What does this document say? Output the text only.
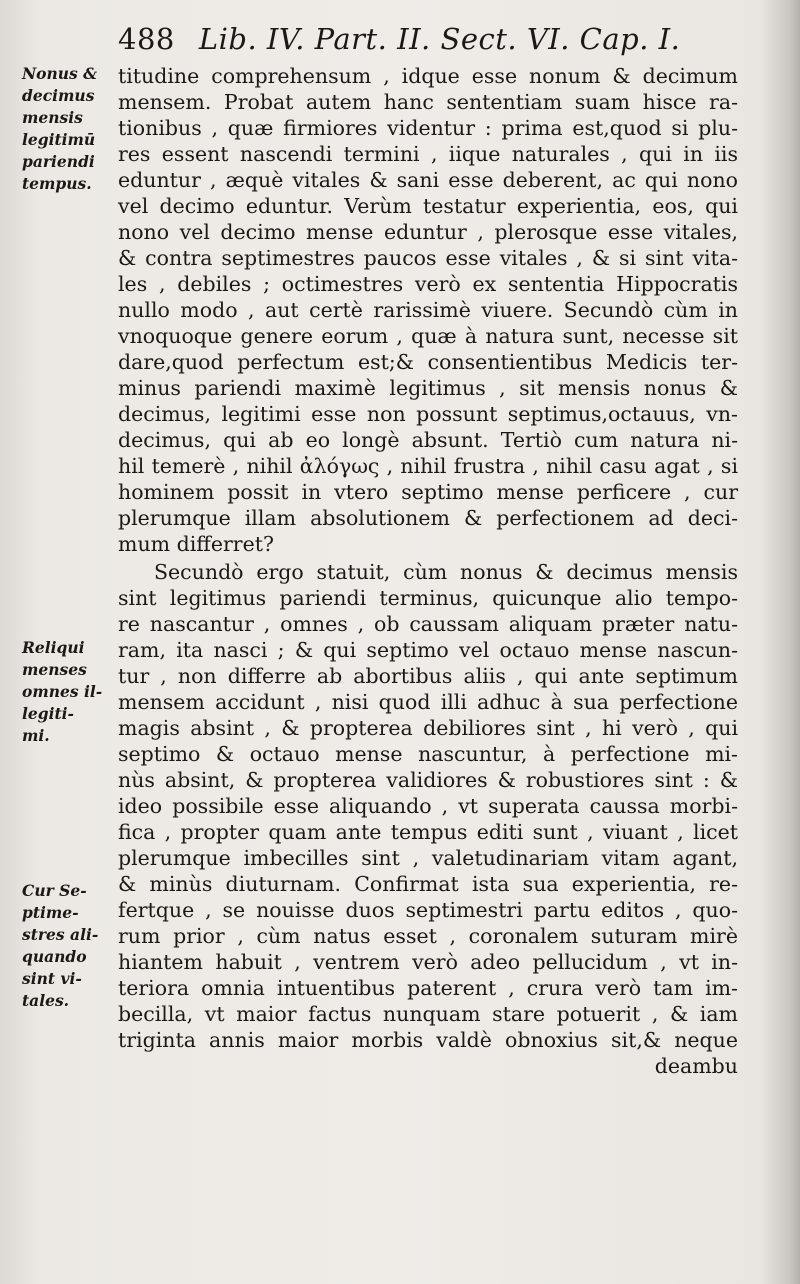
488 Lib. IV. Part. II. Sect. VI. Cap. I.
Nonus &
decimus
mensis
legitimū
pariendi
tempus.
Reliqui
menses
omnes il-
legiti-
mi.
Cur Se-
ptime-
stres ali-
quando
sint vi-
tales.
titudine comprehensum , idque esse nonum & decimum
mensem. Probat autem hanc sententiam suam hisce ra-
tionibus , quæ firmiores videntur : prima est,quod si plu-
res essent nascendi termini , iique naturales , qui in iis
eduntur , æquè vitales & sani esse deberent, ac qui nono
vel decimo eduntur. Verùm testatur experientia, eos, qui
nono vel decimo mense eduntur , plerosque esse vitales,
& contra septimestres paucos esse vitales , & si sint vita-
les , debiles ; octimestres verò ex sententia Hippocratis
nullo modo , aut certè rarissimè viuere. Secundò cùm in
vnoquoque genere eorum , quæ à natura sunt, necesse sit
dare,quod perfectum est;& consentientibus Medicis ter-
minus pariendi maximè legitimus , sit mensis nonus &
decimus, legitimi esse non possunt septimus,octauus, vn-
decimus, qui ab eo longè absunt. Tertiò cum natura ni-
hil temerè , nihil ἀλόγως , nihil frustra , nihil casu agat , si
hominem possit in vtero septimo mense perficere , cur
plerumque illam absolutionem & perfectionem ad deci-
mum differret?
Secundò ergo statuit, cùm nonus & decimus mensis
sint legitimus pariendi terminus, quicunque alio tempo-
re nascantur , omnes , ob caussam aliquam præter natu-
ram, ita nasci ; & qui septimo vel octauo mense nascun-
tur , non differre ab abortibus aliis , qui ante septimum
mensem accidunt , nisi quod illi adhuc à sua perfectione
magis absint , & propterea debiliores sint , hi verò , qui
septimo & octauo mense nascuntur, à perfectione mi-
nùs absint, & propterea validiores & robustiores sint : &
ideo possibile esse aliquando , vt superata caussa morbi-
fica , propter quam ante tempus editi sunt , viuant , licet
plerumque imbecilles sint , valetudinariam vitam agant,
& minùs diuturnam. Confirmat ista sua experientia, re-
fertque , se nouisse duos septimestri partu editos , quo-
rum prior , cùm natus esset , coronalem suturam mirè
hiantem habuit , ventrem verò adeo pellucidum , vt in-
teriora omnia intuentibus paterent , crura verò tam im-
becilla, vt maior factus nunquam stare potuerit , & iam
triginta annis maior morbis valdè obnoxius sit,& neque
deambu
